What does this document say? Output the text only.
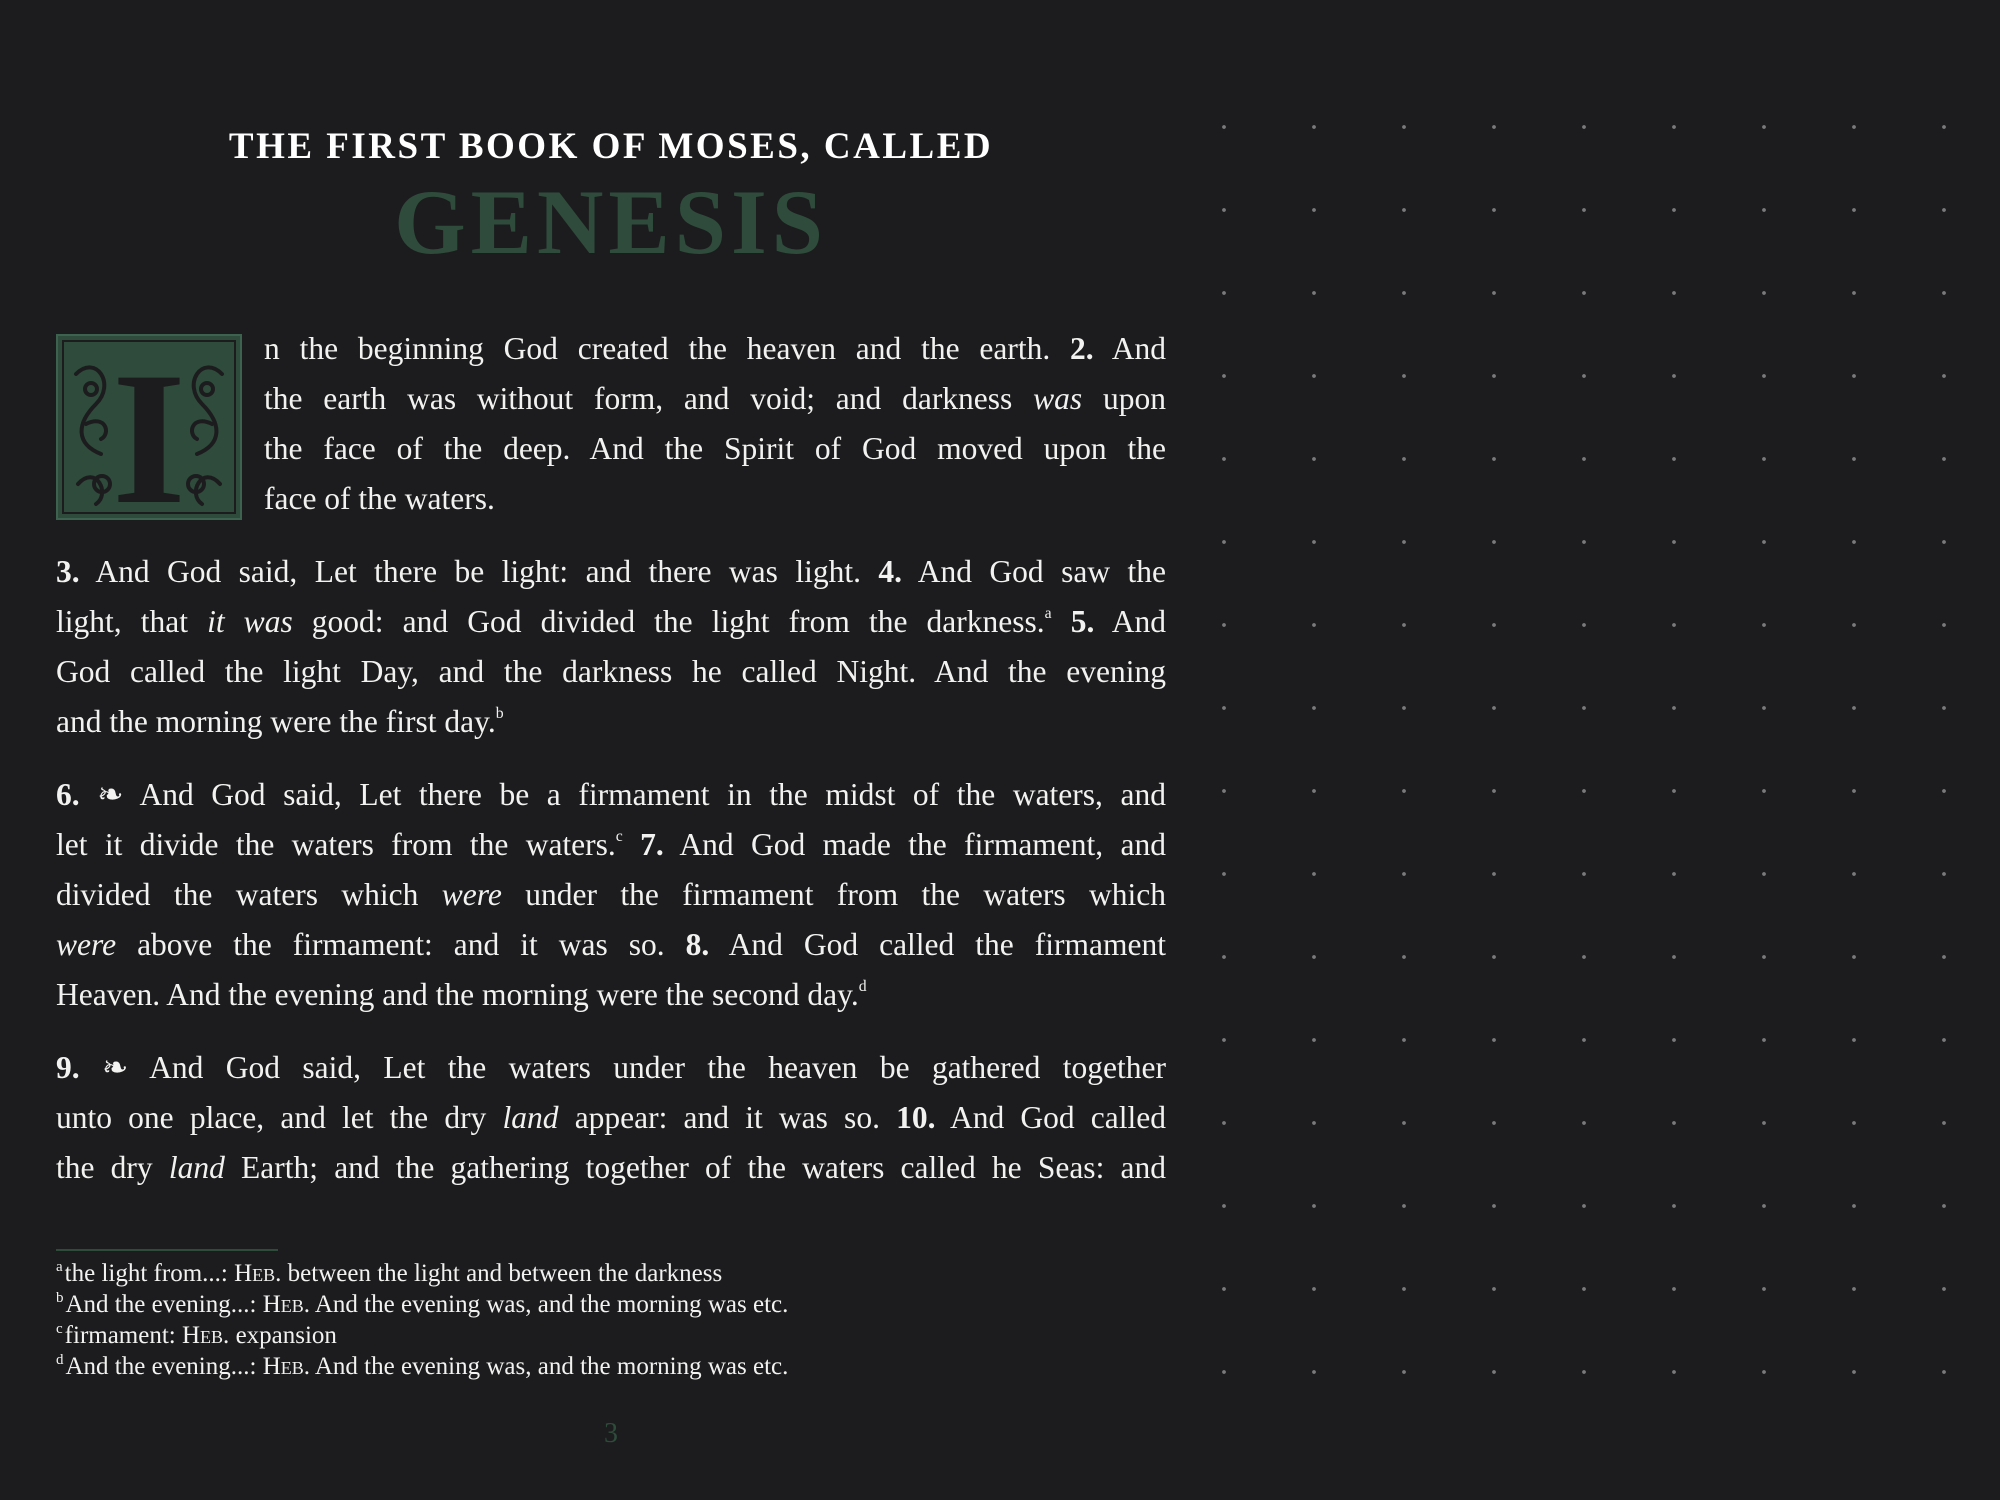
THE FIRST BOOK OF MOSES, CALLED
GENESIS
I n the beginning God created the heaven and the earth. 2. And
the earth was without form, and void; and darkness was upon
the face of the deep. And the Spirit of God moved upon the
face of the waters.
3. And God said, Let there be light: and there was light. 4. And God saw the
light, that it was good: and God divided the light from the darkness.$^a$ 5. And
God called the light Day, and the darkness he called Night. And the evening
and the morning were the first day.$^b$
6. ❧ And God said, Let there be a firmament in the midst of the waters, and
let it divide the waters from the waters.$^c$ 7. And God made the firmament, and
divided the waters which were under the firmament from the waters which
were above the firmament: and it was so. 8. And God called the firmament
Heaven. And the evening and the morning were the second day.$^d$
9. ❧ And God said, Let the waters under the heaven be gathered together
unto one place, and let the dry land appear: and it was so. 10. And God called
the dry land Earth; and the gathering together of the waters called he Seas: and
$^a$the light from...: Heb. between the light and between the darkness
$^b$And the evening...: Heb. And the evening was, and the morning was etc.
$^c$firmament: Heb. expansion
$^d$And the evening...: Heb. And the evening was, and the morning was etc.
3
